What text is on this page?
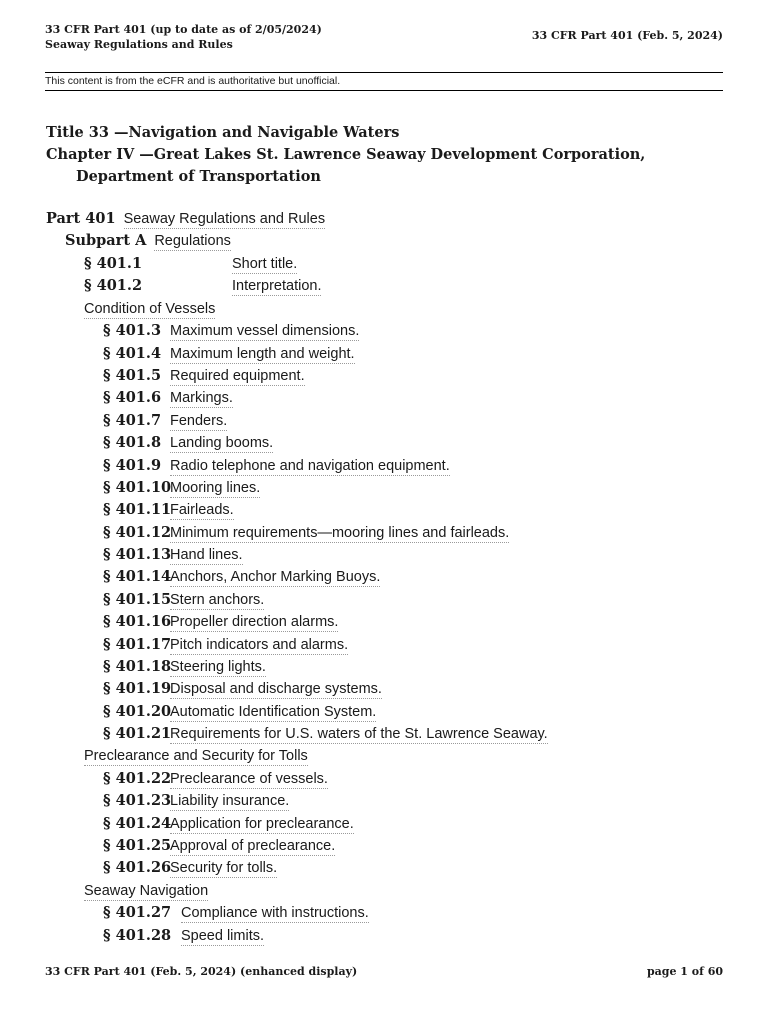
33 CFR Part 401 (up to date as of 2/05/2024)
Seaway Regulations and Rules
33 CFR Part 401 (Feb. 5, 2024)
This content is from the eCFR and is authoritative but unofficial.
Title 33 —Navigation and Navigable Waters
Chapter IV —Great Lakes St. Lawrence Seaway Development Corporation, Department of Transportation
Part 401 Seaway Regulations and Rules
Subpart A Regulations
§ 401.1	Short title.
§ 401.2	Interpretation.
Condition of Vessels
§ 401.3 Maximum vessel dimensions.
§ 401.4 Maximum length and weight.
§ 401.5 Required equipment.
§ 401.6 Markings.
§ 401.7 Fenders.
§ 401.8 Landing booms.
§ 401.9 Radio telephone and navigation equipment.
§ 401.10Mooring lines.
§ 401.11Fairleads.
§ 401.12Minimum requirements—mooring lines and fairleads.
§ 401.13Hand lines.
§ 401.14Anchors, Anchor Marking Buoys.
§ 401.15Stern anchors.
§ 401.16Propeller direction alarms.
§ 401.17Pitch indicators and alarms.
§ 401.18Steering lights.
§ 401.19Disposal and discharge systems.
§ 401.20Automatic Identification System.
§ 401.21Requirements for U.S. waters of the St. Lawrence Seaway.
Preclearance and Security for Tolls
§ 401.22Preclearance of vessels.
§ 401.23Liability insurance.
§ 401.24Application for preclearance.
§ 401.25Approval of preclearance.
§ 401.26Security for tolls.
Seaway Navigation
§ 401.27 Compliance with instructions.
§ 401.28 Speed limits.
33 CFR Part 401 (Feb. 5, 2024) (enhanced display)	page 1 of 60
